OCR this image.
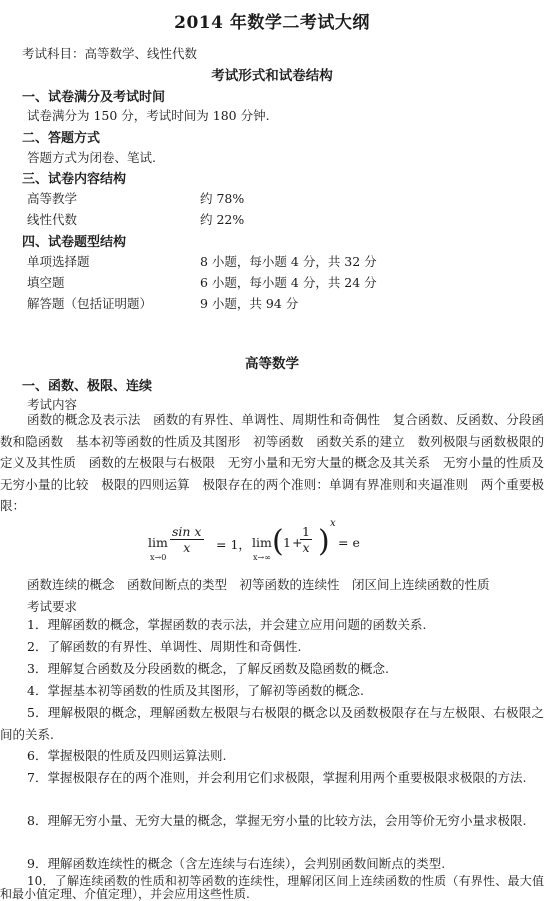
2014 年数学二考试大纲
考试科目：高等数学、线性代数
考试形式和试卷结构
一、试卷满分及考试时间
试卷满分为 150 分，考试时间为 180 分钟.
二、答题方式
答题方式为闭卷、笔试.
三、试卷内容结构
高等教学	约 78%
线性代数	约 22%
四、试卷题型结构
单项选择题	8 小题，每小题 4 分，共 32 分
填空题	6 小题，每小题 4 分，共 24 分
解答题（包括证明题）	9 小题，共 94 分
高等数学
一、函数、极限、连续
考试内容

函数的概念及表示法　函数的有界性、单调性、周期性和奇偶性　复合函数、反函数、分段函数和隐函数　基本初等函数的性质及其图形　初等函数　函数关系的建立　数列极限与函数极限的定义及其性质　函数的左极限与右极限　无穷小量和无穷大量的概念及其关系　无穷小量的性质及无穷小量的比较　极限的四则运算　极限存在的两个准则：单调有界准则和夹逼准则　两个重要极限：

lim
x→0
$\frac{\text{sin x}}{x} = 1$， lim
x→∞ ( 1 +
$\frac{1}{x}$ )
x
= e

函数连续的概念　函数间断点的类型　初等函数的连续性　闭区间上连续函数的性质

考试要求

1．理解函数的概念，掌握函数的表示法，并会建立应用问题的函数关系.

2．了解函数的有界性、单调性、周期性和奇偶性.

3．理解复合函数及分段函数的概念，了解反函数及隐函数的概念.

4．掌握基本初等函数的性质及其图形，了解初等函数的概念.

5．理解极限的概念，理解函数左极限与右极限的概念以及函数极限存在与左极限、右极限之间的关系.

6．掌握极限的性质及四则运算法则.

7．掌握极限存在的两个准则，并会利用它们求极限，掌握利用两个重要极限求极限的方法.

8．理解无穷小量、无穷大量的概念，掌握无穷小量的比较方法，会用等价无穷小量求极限.

9．理解函数连续性的概念（含左连续与右连续），会判别函数间断点的类型.

10．了解连续函数的性质和初等函数的连续性，理解闭区间上连续函数的性质（有界性、最大值和最小值定理、介值定理），并会应用这些性质.
